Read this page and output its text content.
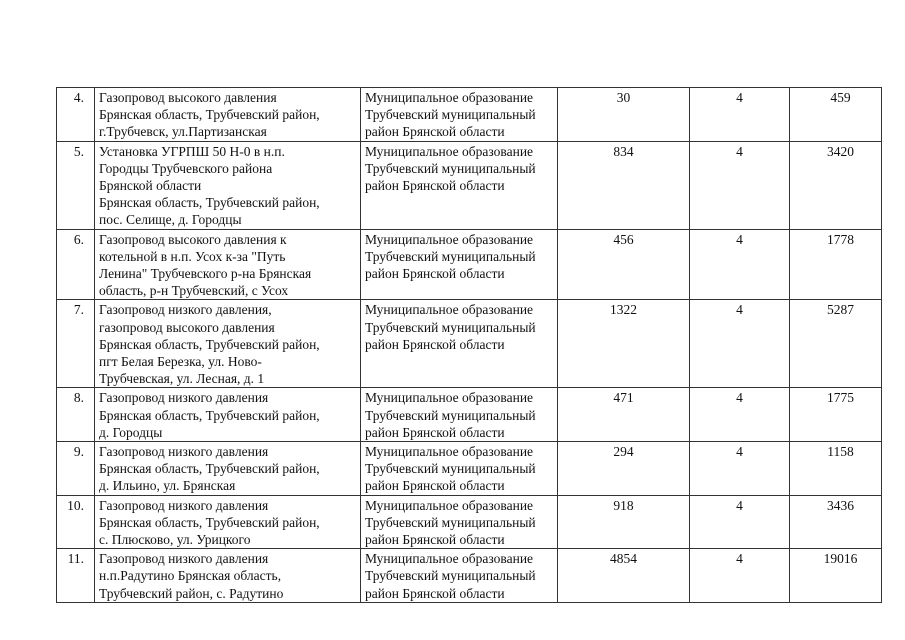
4.	Газопровод высокого давления
Брянская область, Трубчевский район,
г.Трубчевск, ул.Партизанская	Муниципальное образование
Трубчевский муниципальный
район Брянской области	30	4	459
5.	Установка УГРПШ 50 Н-0 в н.п.
Городцы Трубчевского района
Брянской области
Брянская область, Трубчевский район,
пос. Селище, д. Городцы	Муниципальное образование
Трубчевский муниципальный
район Брянской области	834	4	3420
6.	Газопровод высокого давления к
котельной в н.п. Усох к-за "Путь
Ленина" Трубчевского р-на Брянская
область, р-н Трубчевский, с Усох	Муниципальное образование
Трубчевский муниципальный
район Брянской области	456	4	1778
7.	Газопровод низкого давления,
газопровод высокого давления
Брянская область, Трубчевский район,
пгт Белая Березка, ул. Ново-
Трубчевская, ул. Лесная, д. 1	Муниципальное образование
Трубчевский муниципальный
район Брянской области	1322	4	5287
8.	Газопровод низкого давления
Брянская область, Трубчевский район,
д. Городцы	Муниципальное образование
Трубчевский муниципальный
район Брянской области	471	4	1775
9.	Газопровод низкого давления
Брянская область, Трубчевский район,
д. Ильино, ул. Брянская	Муниципальное образование
Трубчевский муниципальный
район Брянской области	294	4	1158
10.	Газопровод низкого давления
Брянская область, Трубчевский район,
с. Плюсково, ул. Урицкого	Муниципальное образование
Трубчевский муниципальный
район Брянской области	918	4	3436
11.	Газопровод низкого давления
н.п.Радутино Брянская область,
Трубчевский район, с. Радутино	Муниципальное образование
Трубчевский муниципальный
район Брянской области	4854	4	19016
